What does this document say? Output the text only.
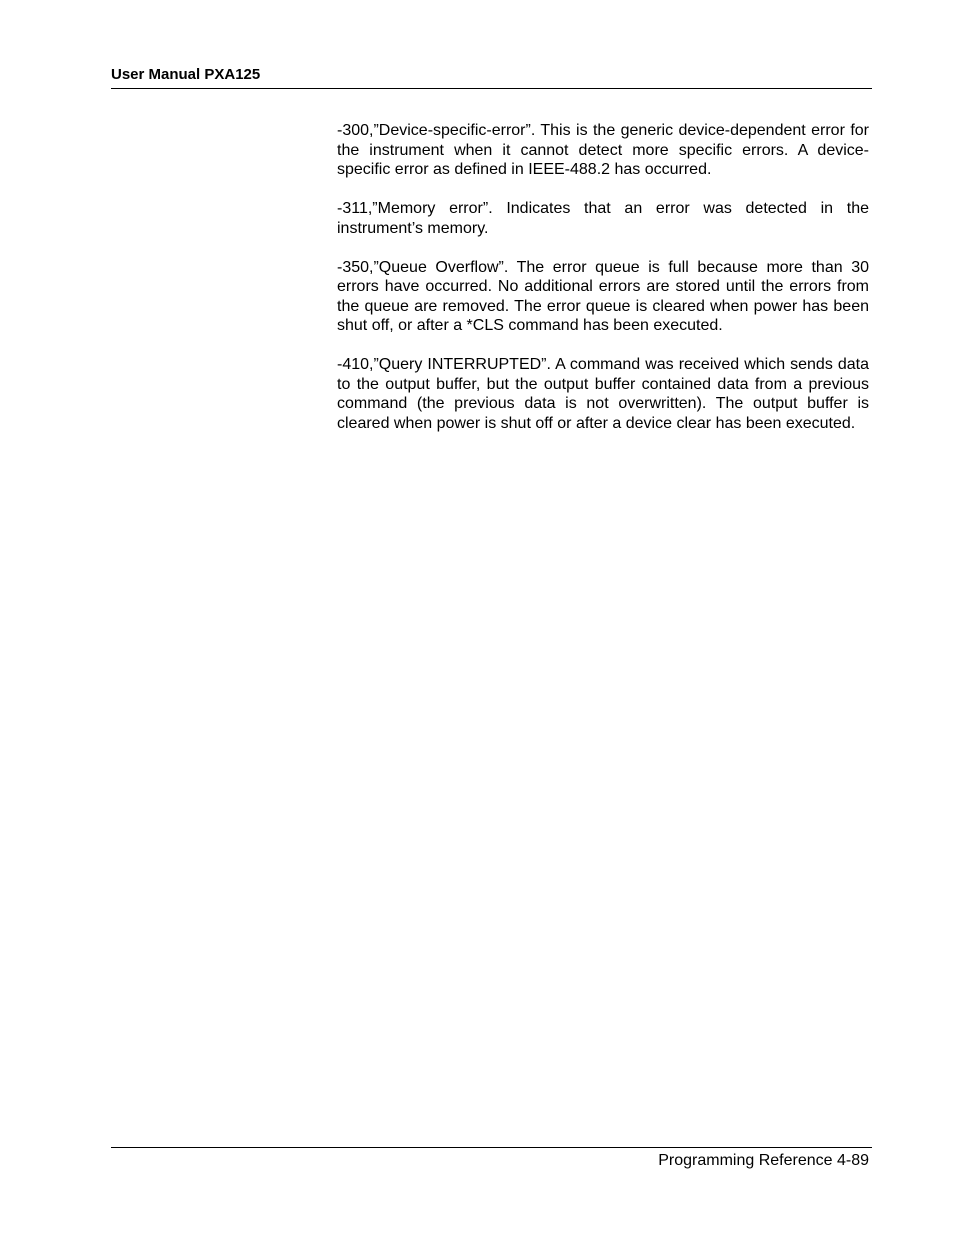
User Manual PXA125

-300,”Device-specific-error”. This is the generic device-dependent error for the instrument when it cannot detect more specific errors. A device- specific error as defined in IEEE-488.2 has occurred.

-311,”Memory error”. Indicates that an error was detected in the instrument’s memory.

-350,”Queue Overflow”. The error queue is full because more than 30 errors have occurred. No additional errors are stored until the errors from the queue are removed. The error queue is cleared when power has been shut off, or after a *CLS command has been executed.

-410,”Query INTERRUPTED”. A command was received which sends data to the output buffer, but the output buffer contained data from a previous command (the previous data is not overwritten). The output buffer is cleared when power is shut off or after a device clear has been executed.

Programming Reference 4-89
